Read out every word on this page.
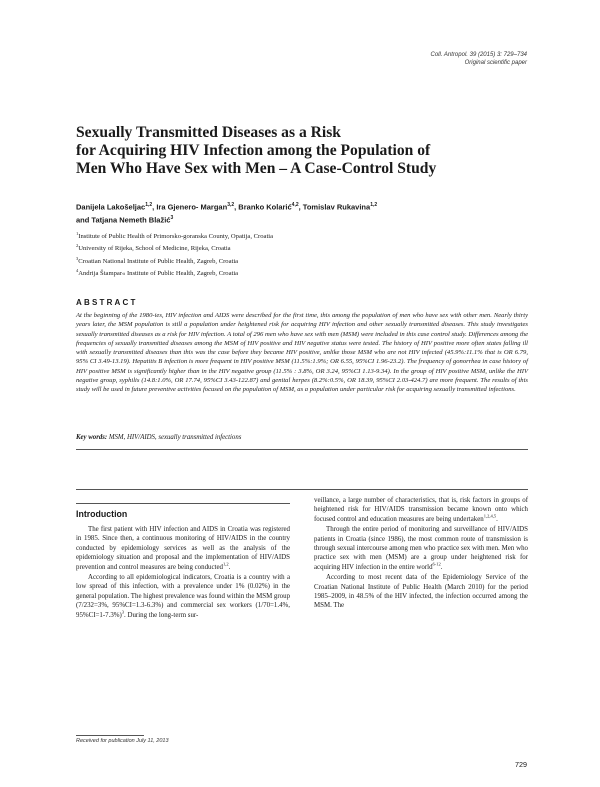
Coll. Antropol. 39 (2015) 3: 729–734
Original scientific paper
Sexually Transmitted Diseases as a Risk
for Acquiring HIV Infection among the Population of
Men Who Have Sex with Men – A Case-Control Study
Danijela Lakošeljac$^{1,2}$, Ira Gjenero- Margan$^{3,2}$, Branko Kolarić$^{4,2}$, Tomislav Rukavina$^{1,2}$
and Tatjana Nemeth Blažić$^3$
$^1$Institute of Public Health of Primorsko-goranska County, Opatija, Croatia
$^2$University of Rijeka, School of Medicine, Rijeka, Croatia
$^3$Croatian National Institute of Public Health, Zagreb, Croatia
$^4$Andrija Štampar« Institute of Public Health, Zagreb, Croatia
ABSTRACT
At the beginning of the 1980-ies, HIV infection and AIDS were described for the first time, this among the population of men who have sex with other men. Nearly thirty years later, the MSM population is still a population under heightened risk for acquiring HIV infection and other sexually transmitted diseases. This study investigates sexually transmitted diseases as a risk for HIV infection. A total of 296 men who have sex with men (MSM) were included in this case control study. Differences among the frequencies of sexually transmitted diseases among the MSM of HIV positive and HIV negative status were tested. The history of HIV positive more often states falling ill with sexually transmitted diseases than this was the case before they became HIV positive, unlike those MSM who are not HIV infected (45.9%:11.1% that is OR 6.79, 95% CI 3.49-13.19). Hepatitis B infection is more frequent in HIV positive MSM (11.5%:1.9%; OR 6.55, 95%CI 1.96-23.2). The frequency of gonorrhea in case history of HIV positive MSM is significantly higher than in the HIV negative group (11.5% : 3.8%, OR 3.24, 95%CI 1.13-9.34). In the group of HIV positive MSM, unlike the HIV negative group, syphilis (14.8:1.0%, OR 17.74, 95%CI 3.43-122.87) and genital herpes (8.2%:0.5%, OR 18.39, 95%CI 2.03-424.7) are more frequent. The results of this study will be used in future preventive activities focused on the population of MSM, as a population under particular risk for acquiring sexually transmitted infections.
Key words: MSM, HIV/AIDS, sexually transmitted infections
Introduction

The first patient with HIV infection and AIDS in Croatia was registered in 1985. Since then, a continuous monitoring of HIV/AIDS in the country conducted by epidemiology services as well as the analysis of the epidemiology situation and proposal and the implementation of HIV/AIDS prevention and control measures are being conducted$^{1,2}$.

According to all epidemiological indicators, Croatia is a country with a low spread of this infection, with a prevalence under 1% (0.02%) in the general population. The highest prevalence was found within the MSM group (7/232=3%, 95%CI=1.3-6.3%) and commercial sex workers (1/70=1.4%, 95%CI=1-7.3%)$^3$. During the long-term sur-

veillance, a large number of characteristics, that is, risk factors in groups of heightened risk for HIV/AIDS transmission became known onto which focused control and education measures are being undertaken$^{1,2,4,5}$.

Through the entire period of monitoring and surveillance of HIV/AIDS patients in Croatia (since 1986), the most common route of transmission is through sexual intercourse among men who practice sex with men. Men who practice sex with men (MSM) are a group under heightened risk for acquiring HIV infection in the entire world$^{6-12}$.

According to most recent data of the Epidemiology Service of the Croatian National Institute of Public Health (March 2010) for the period 1985–2009, in 48.5% of the HIV infected, the infection occurred among the MSM. The

Received for publication July 11, 2013
729
